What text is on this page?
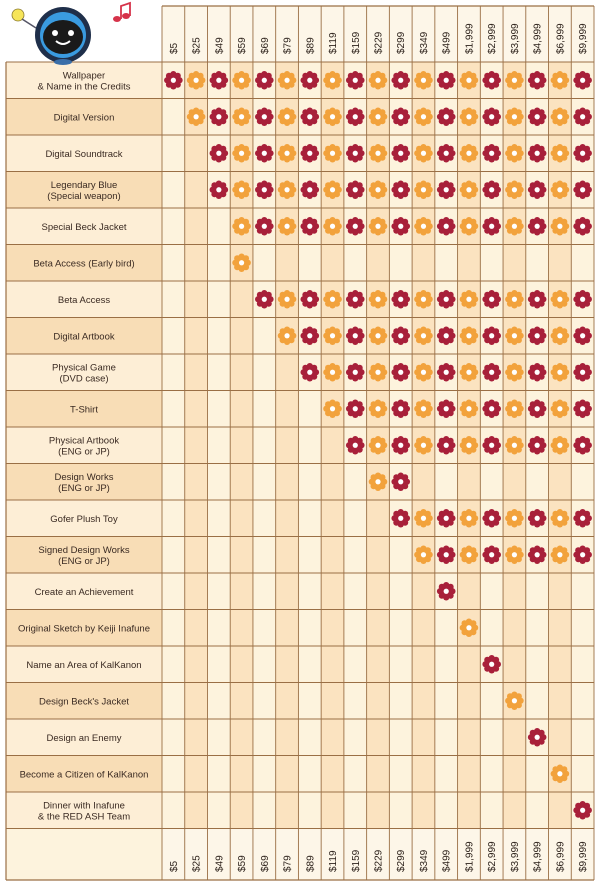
Wallpaper
& Name in the Credits
Digital Version
Digital Soundtrack
Legendary Blue
(Special weapon)
Special Beck Jacket
Beta Access (Early bird)
Beta Access
Digital Artbook
Physical Game
(DVD case)
T-Shirt
Physical Artbook
(ENG or JP)
Design Works
(ENG or JP)
Gofer Plush Toy
Signed Design Works
(ENG or JP)
Create an Achievement
Original Sketch by Keiji Inafune
Name an Area of KalKanon
Design Beck's Jacket
Design an Enemy
Become a Citizen of KalKanon
Dinner with Inafune
& the RED ASH Team
$5 $25 $49 $59 $69 $79 $89 $119 $159 $229 $299 $349 $499 $1,999 $2,999 $3,999 $4,999 $6,999 $9,999
$5 $25 $49 $59 $69 $79 $89 $119 $159 $229 $299 $349 $499 $1,999 $2,999 $3,999 $4,999 $6,999 $9,999
